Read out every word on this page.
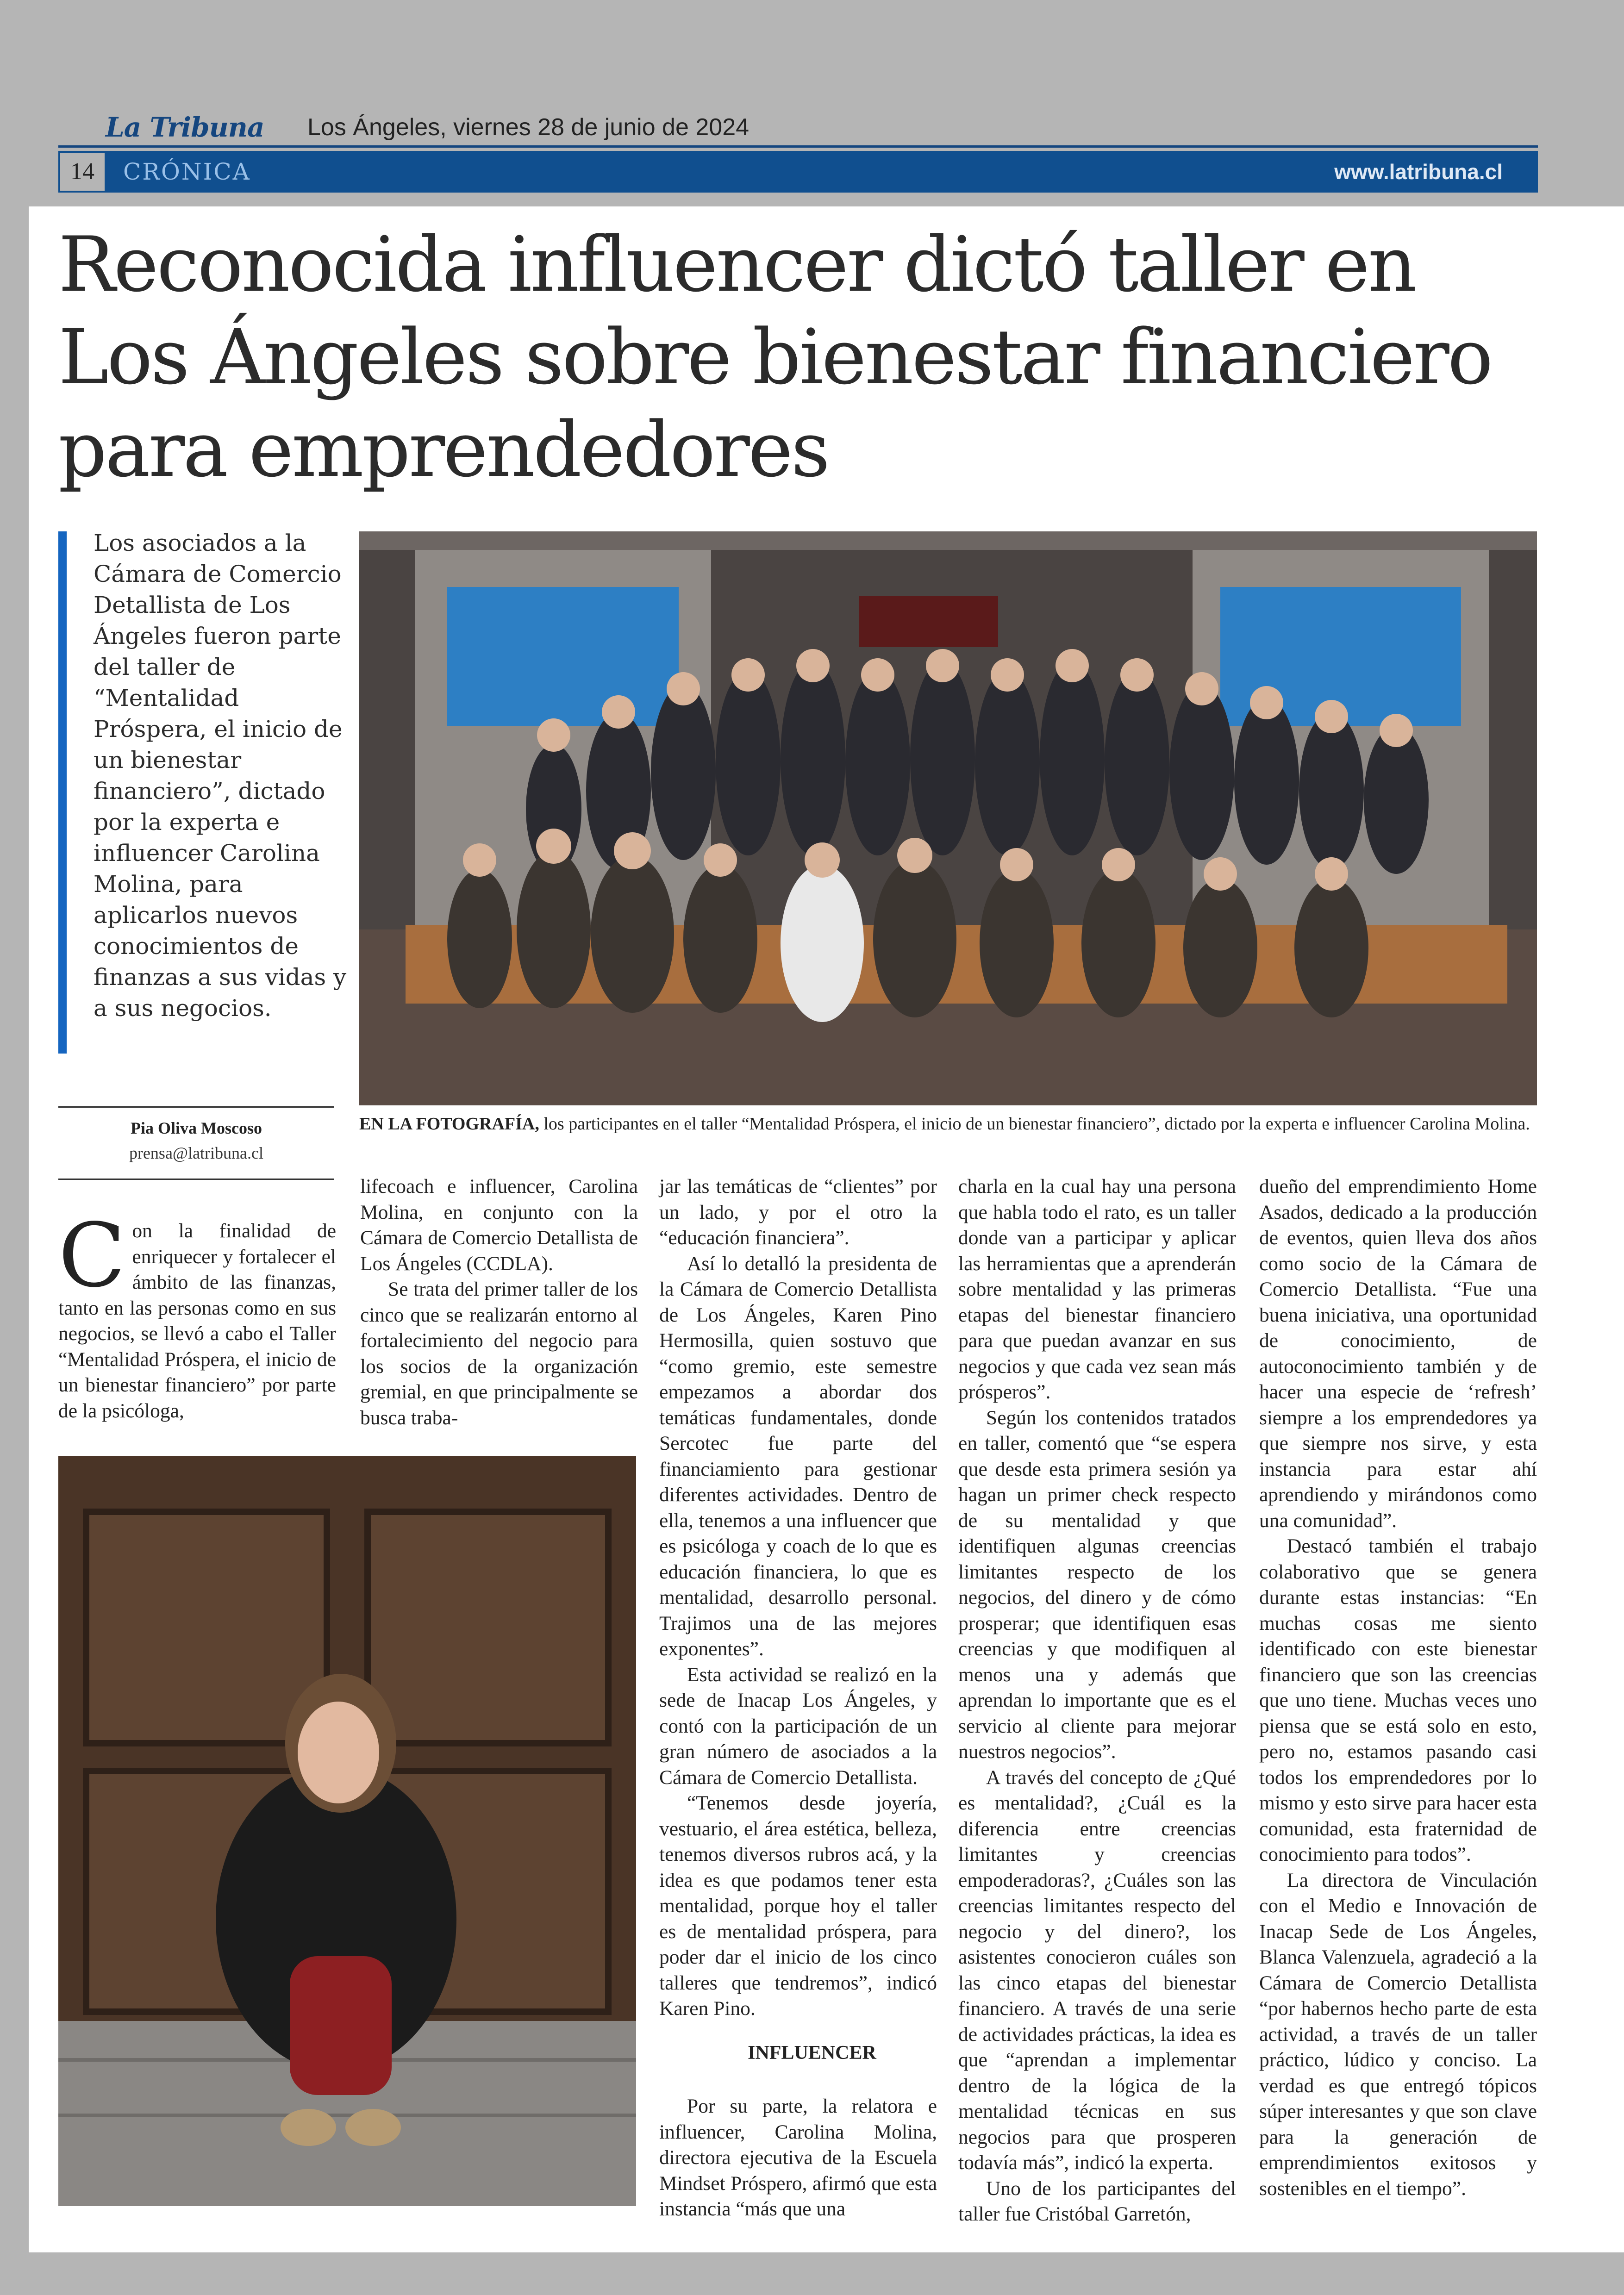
La Tribuna	Los Ángeles, viernes 28 de junio de 2024
14	CRÓNICA	www.latribuna.cl
Reconocida influencer dictó taller en
Los Ángeles sobre bienestar financiero
para emprendedores
Los asociados a la Cámara de Comercio Detallista de Los Ángeles fueron parte del taller de “Mentalidad Próspera, el inicio de un bienestar financiero”, dictado por la experta e influencer Carolina Molina, para aplicarlos nuevos conocimientos de finanzas a sus vidas y a sus negocios.
Pia Oliva Moscoso
prensa@latribuna.cl
EN LA FOTOGRAFÍA, los participantes en el taller “Mentalidad Próspera, el inicio de un bienestar financiero”, dictado por la experta e influencer Carolina Molina.

Con la finalidad de enriquecer y fortalecer el ámbito de las finanzas, tanto en las personas como en sus negocios, se llevó a cabo el Taller “Mentalidad Próspera, el inicio de un bienestar financiero” por parte de la psicóloga,

lifecoach e influencer, Carolina Molina, en conjunto con la Cámara de Comercio Detallista de Los Ángeles (CCDLA).

Se trata del primer taller de los cinco que se realizarán entorno al fortalecimiento del negocio para los socios de la organización gremial, en que principalmente se busca traba-

jar las temáticas de “clientes” por un lado, y por el otro la “educación financiera”.

Así lo detalló la presidenta de la Cámara de Comercio Detallista de Los Ángeles, Karen Pino Hermosilla, quien sostuvo que “como gremio, este semestre empezamos a abordar dos temáticas fundamentales, donde Sercotec fue parte del financiamiento para gestionar diferentes actividades. Dentro de ella, tenemos a una influencer que es psicóloga y coach de lo que es educación financiera, lo que es mentalidad, desarrollo personal. Trajimos una de las mejores exponentes”.

Esta actividad se realizó en la sede de Inacap Los Ángeles, y contó con la participación de un gran número de asociados a la Cámara de Comercio Detallista.

“Tenemos desde joyería, vestuario, el área estética, belleza, tenemos diversos rubros acá, y la idea es que podamos tener esta mentalidad, porque hoy el taller es de mentalidad próspera, para poder dar el inicio de los cinco talleres que tendremos”, indicó Karen Pino.

INFLUENCER

Por su parte, la relatora e influencer, Carolina Molina, directora ejecutiva de la Escuela Mindset Próspero, afirmó que esta instancia “más que una

charla en la cual hay una persona que habla todo el rato, es un taller donde van a participar y aplicar las herramientas que a aprenderán sobre mentalidad y las primeras etapas del bienestar financiero para que puedan avanzar en sus negocios y que cada vez sean más prósperos”.

Según los contenidos tratados en taller, comentó que “se espera que desde esta primera sesión ya hagan un primer check respecto de su mentalidad y que identifiquen algunas creencias limitantes respecto de los negocios, del dinero y de cómo prosperar; que identifiquen esas creencias y que modifiquen al menos una y además que aprendan lo importante que es el servicio al cliente para mejorar nuestros negocios”.

A través del concepto de ¿Qué es mentalidad?, ¿Cuál es la diferencia entre creencias limitantes y creencias empoderadoras?, ¿Cuáles son las creencias limitantes respecto del negocio y del dinero?, los asistentes conocieron cuáles son las cinco etapas del bienestar financiero. A través de una serie de actividades prácticas, la idea es que “aprendan a implementar dentro de la lógica de la mentalidad técnicas en sus negocios para que prosperen todavía más”, indicó la experta.

Uno de los participantes del taller fue Cristóbal Garretón,

dueño del emprendimiento Home Asados, dedicado a la producción de eventos, quien lleva dos años como socio de la Cámara de Comercio Detallista. “Fue una buena iniciativa, una oportunidad de conocimiento, de autoconocimiento también y de hacer una especie de ‘refresh’ siempre a los emprendedores ya que siempre nos sirve, y esta instancia para estar ahí aprendiendo y mirándonos como una comunidad”.

Destacó también el trabajo colaborativo que se genera durante estas instancias: “En muchas cosas me siento identificado con este bienestar financiero que son las creencias que uno tiene. Muchas veces uno piensa que se está solo en esto, pero no, estamos pasando casi todos los emprendedores por lo mismo y esto sirve para hacer esta comunidad, esta fraternidad de conocimiento para todos”.

La directora de Vinculación con el Medio e Innovación de Inacap Sede de Los Ángeles, Blanca Valenzuela, agradeció a la Cámara de Comercio Detallista “por habernos hecho parte de esta actividad, a través de un taller práctico, lúdico y conciso. La verdad es que entregó tópicos súper interesantes y que son clave para la generación de emprendimientos exitosos y sostenibles en el tiempo”.
